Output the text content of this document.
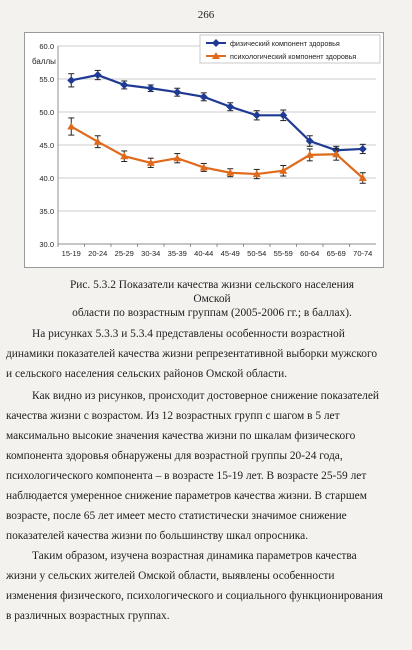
266
30.0
35.0
40.0
45.0
50.0
55.0
60.0
15-19 20-24 25-29 30-34 35-39 40-44 45-49 50-54 55-59 60-64 65-69 70-74
баллы
физический компонент здоровья
психологический компонент здоровья
Рис. 5.3.2 Показатели качества жизни сельского населения Омской
области по возрастным группам (2005-2006 гг.; в баллах).
На рисунках 5.3.3 и 5.3.4 представлены особенности возрастной
динамики показателей качества жизни репрезентативной выборки мужского
и сельского населения сельских районов Омской области.
Как видно из рисунков, происходит достоверное снижение показателей
качества жизни с возрастом. Из 12 возрастных групп с шагом в 5 лет
максимально высокие значения качества жизни по шкалам физического
компонента здоровья обнаружены для возрастной группы 20-24 года,
психологического компонента – в возрасте 15-19 лет. В возрасте 25-59 лет
наблюдается умеренное снижение параметров качества жизни. В старшем
возрасте, после 65 лет имеет место статистически значимое снижение
показателей качества жизни по большинству шкал опросника.
Таким образом, изучена возрастная динамика параметров качества
жизни у сельских жителей Омской области, выявлены особенности
изменения физического, психологического и социального функционирования
в различных возрастных группах.
